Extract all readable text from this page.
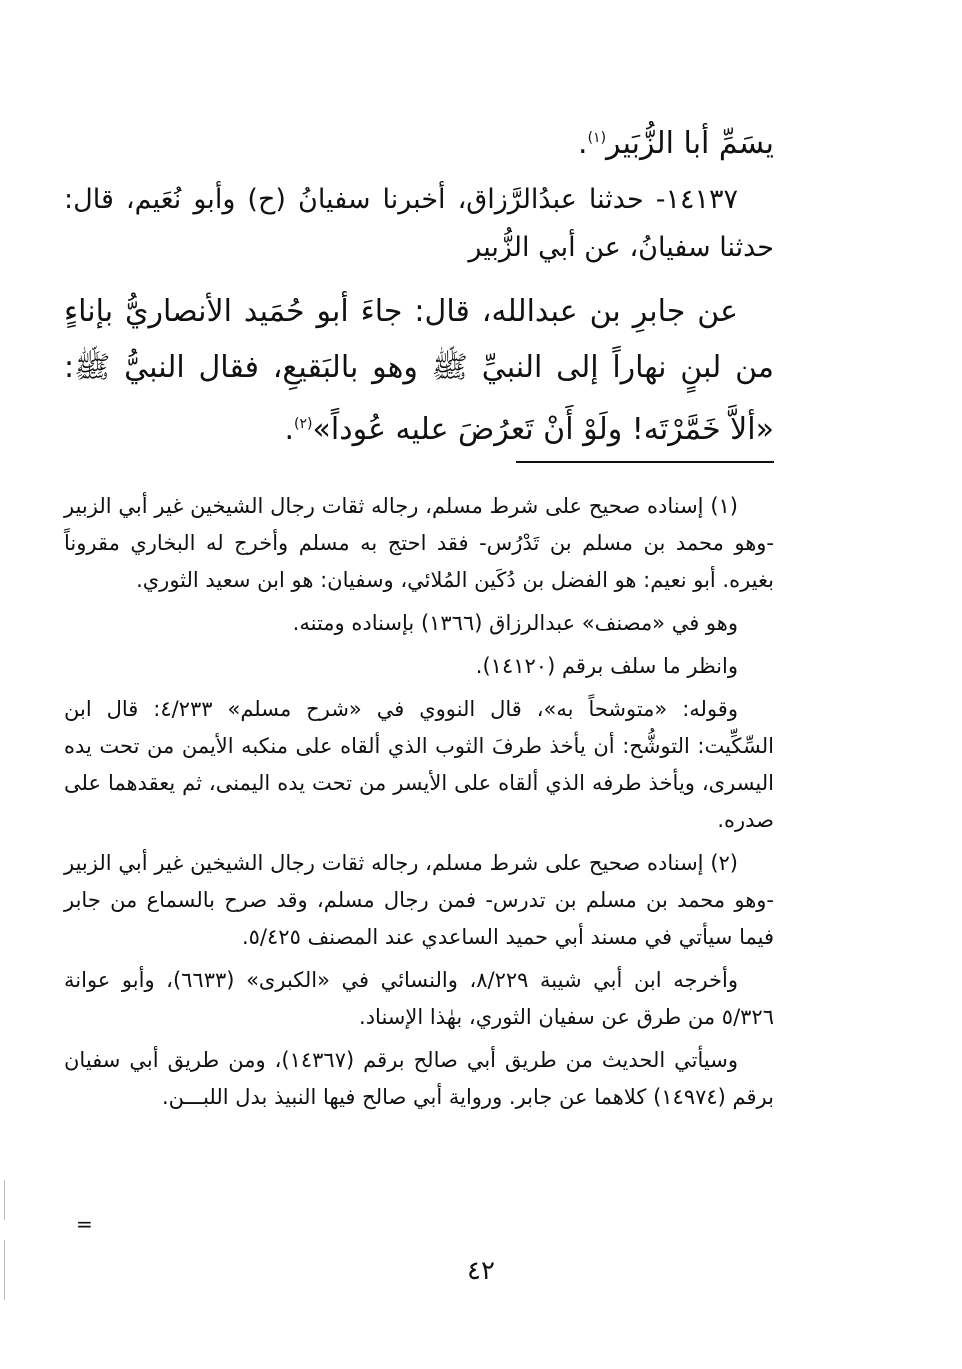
يسَمِّ أبا الزُّبَير$^{(١)}$.

١٤١٣٧- حدثنا عبدُالرَّزاق، أخبرنا سفيانُ (ح) وأبو نُعَيم، قال: حدثنا سفيانُ، عن أبي الزُّبير
عن جابرِ بن عبدالله، قال: جاءَ أبو حُمَيد الأنصاريُّ بإناءٍ من لبنٍ نهاراً إلى النبيِّ ﷺ وهو بالبَقيعِ، فقال النبيُّ ﷺ: «ألاَّ خَمَّرْتَه! ولَوْ أَنْ تَعرُضَ عليه عُوداً»$^{(٢)}$.

(١) إسناده صحيح على شرط مسلم، رجاله ثقات رجال الشيخين غير أبي الزبير -وهو محمد بن مسلم بن تَدْرُس- فقد احتج به مسلم وأخرج له البخاري مقروناً بغيره. أبو نعيم: هو الفضل بن دُكَين المُلائي، وسفيان: هو ابن سعيد الثوري.

وهو في «مصنف» عبدالرزاق (١٣٦٦) بإسناده ومتنه.

وانظر ما سلف برقم (١٤١٢٠).

وقوله: «متوشحاً به»، قال النووي في «شرح مسلم» ٤/٢٣٣: قال ابن السِّكِّيت: التوشُّح: أن يأخذ طرفَ الثوب الذي ألقاه على منكبه الأيمن من تحت يده اليسرى، ويأخذ طرفه الذي ألقاه على الأيسر من تحت يده اليمنى، ثم يعقدهما على صدره.

(٢) إسناده صحيح على شرط مسلم، رجاله ثقات رجال الشيخين غير أبي الزبير -وهو محمد بن مسلم بن تدرس- فمن رجال مسلم، وقد صرح بالسماع من جابر فيما سيأتي في مسند أبي حميد الساعدي عند المصنف ٥/٤٢٥.

وأخرجه ابن أبي شيبة ٨/٢٢٩، والنسائي في «الكبرى» (٦٦٣٣)، وأبو عوانة ٥/٣٢٦ من طرق عن سفيان الثوري، بهٰذا الإسناد.

وسيأتي الحديث من طريق أبي صالح برقم (١٤٣٦٧)، ومن طريق أبي سفيان برقم (١٤٩٧٤) كلاهما عن جابر. ورواية أبي صالح فيها النبيذ بدل اللبـــن.

=
٤٢
